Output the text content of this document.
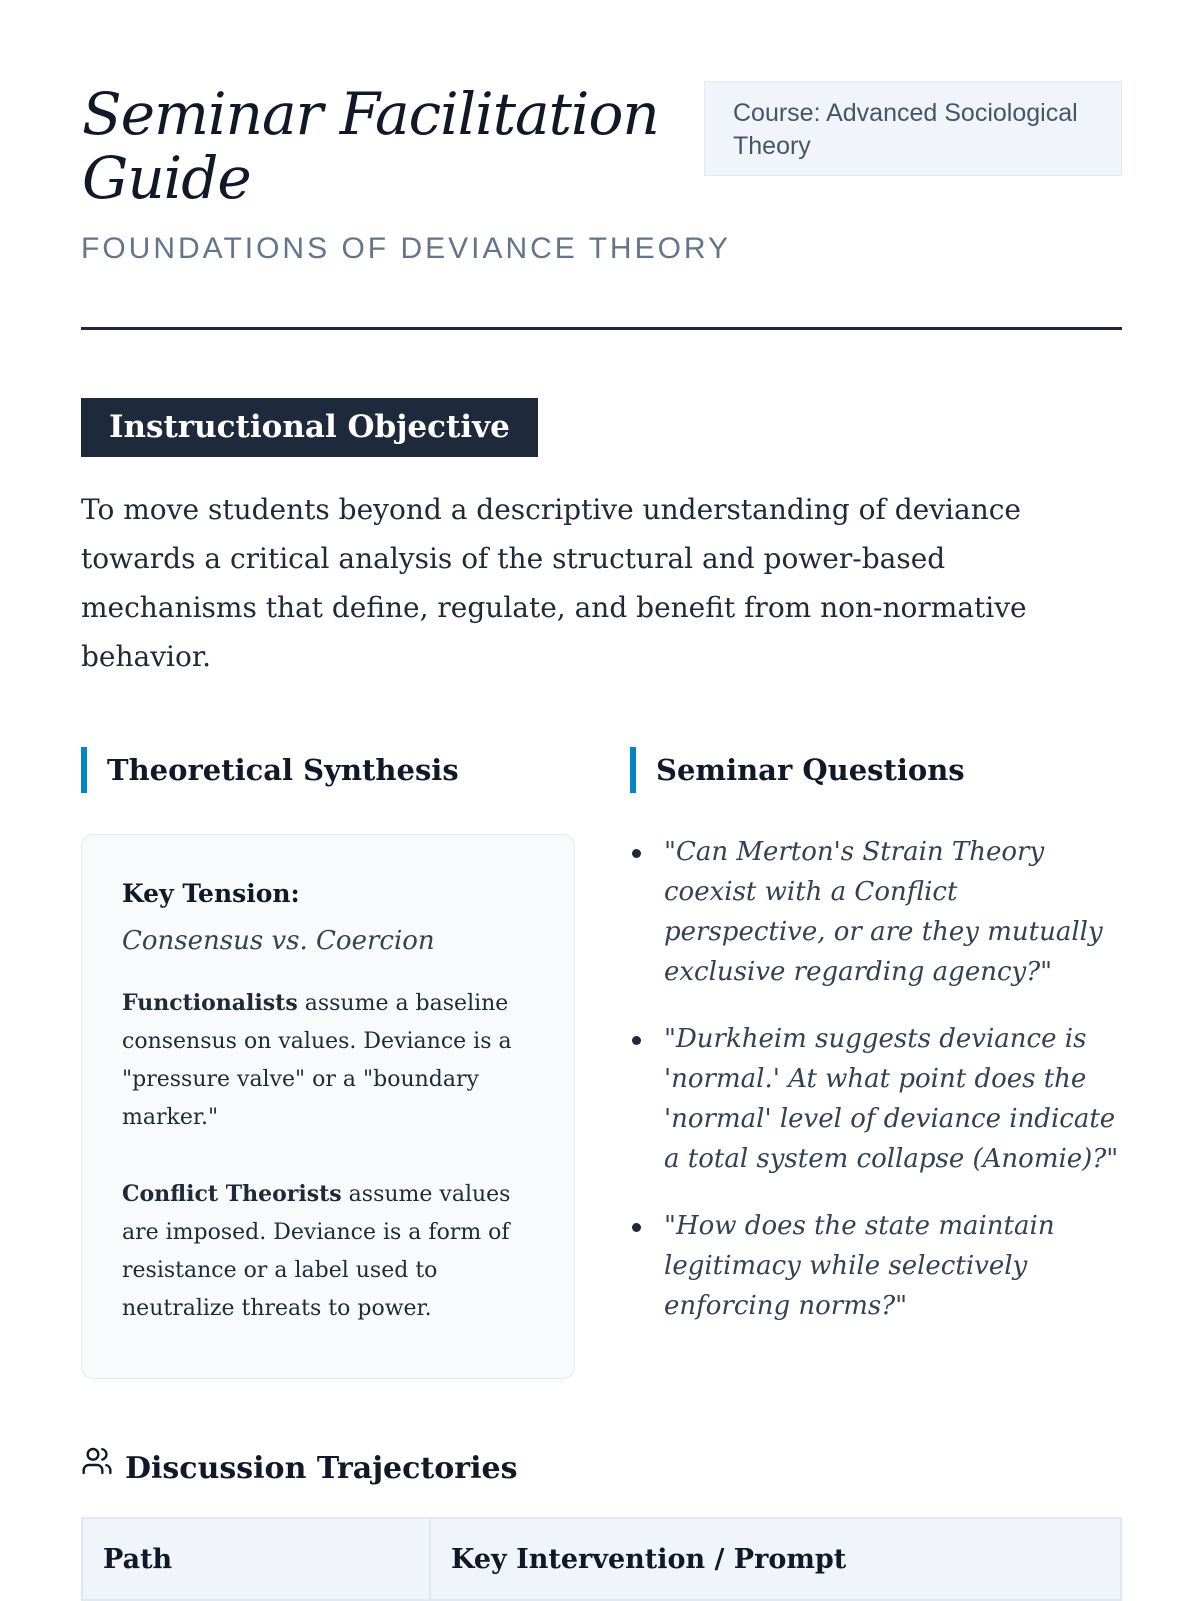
Seminar Facilitation Guide
Course: Advanced Sociological Theory
FOUNDATIONS OF DEVIANCE THEORY
Instructional Objective

To move students beyond a descriptive understanding of deviance towards a critical analysis of the structural and power-based mechanisms that define, regulate, and benefit from non-normative behavior.

Theoretical Synthesis	Seminar Questions

Key Tension:

Consensus vs. Coercion

Functionalists assume a baseline consensus on values. Deviance is a "pressure valve" or a "boundary marker."

Conflict Theorists assume values are imposed. Deviance is a form of resistance or a label used to neutralize threats to power.

"Can Merton's Strain Theory coexist with a Conflict perspective, or are they mutually exclusive regarding agency?"
"Durkheim suggests deviance is 'normal.' At what point does the 'normal' level of deviance indicate a total system collapse (Anomie)?"
"How does the state maintain legitimacy while selectively enforcing norms?"
Discussion Trajectories
Path	Key Intervention / Prompt
